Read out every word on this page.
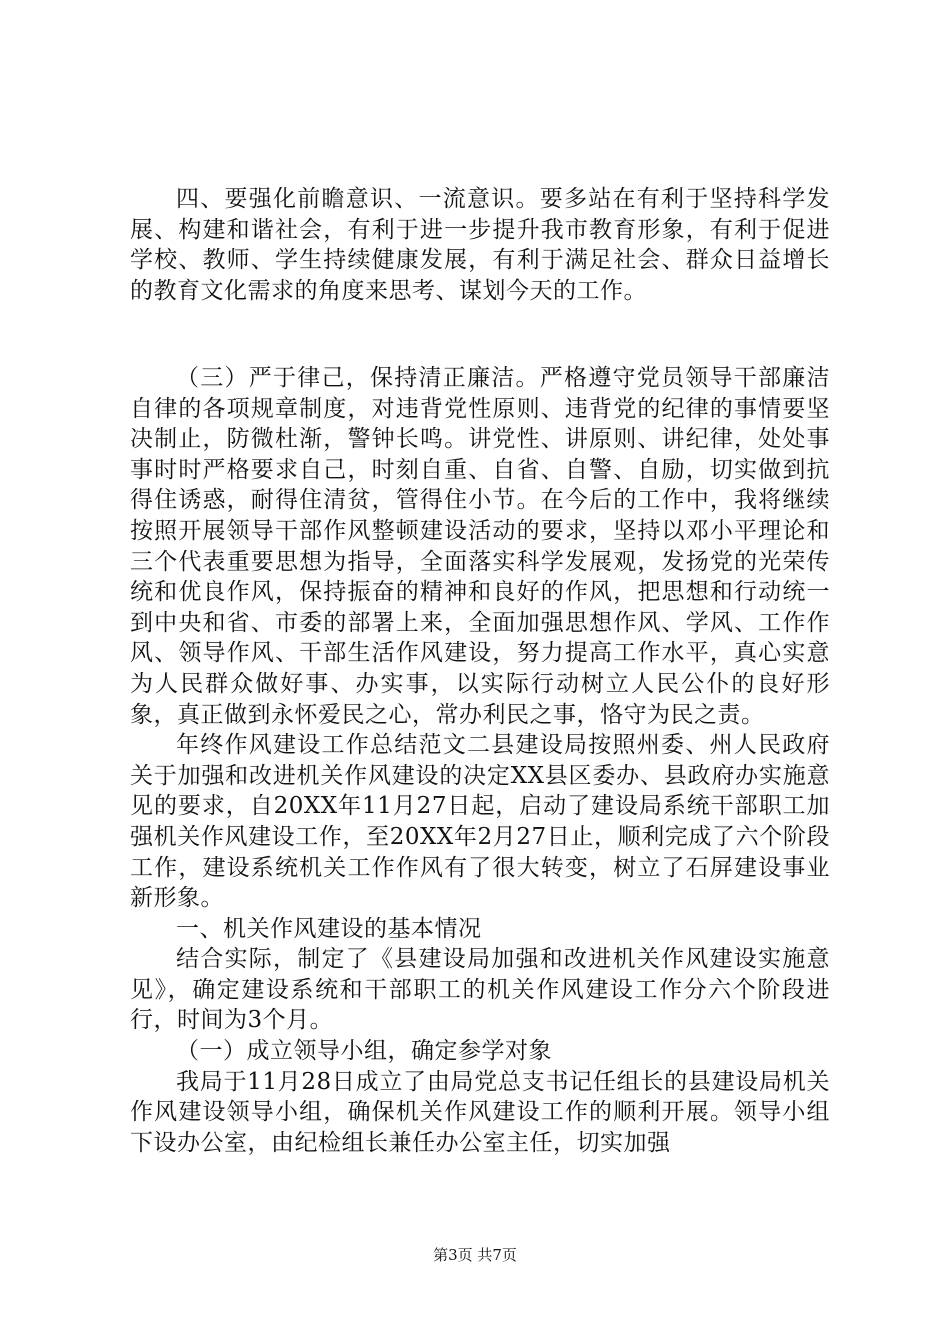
四、要强化前瞻意识、一流意识。要多站在有利于坚持科学发展、构建和谐社会，有利于进一步提升我市教育形象，有利于促进学校、教师、学生持续健康发展，有利于满足社会、群众日益增长的教育文化需求的角度来思考、谋划今天的工作。

（三）严于律己，保持清正廉洁。严格遵守党员领导干部廉洁自律的各项规章制度，对违背党性原则、违背党的纪律的事情要坚决制止，防微杜渐，警钟长鸣。讲党性、讲原则、讲纪律，处处事事时时严格要求自己，时刻自重、自省、自警、自励，切实做到抗得住诱惑，耐得住清贫，管得住小节。在今后的工作中，我将继续按照开展领导干部作风整顿建设活动的要求，坚持以邓小平理论和三个代表重要思想为指导，全面落实科学发展观，发扬党的光荣传统和优良作风，保持振奋的精神和良好的作风，把思想和行动统一到中央和省、市委的部署上来，全面加强思想作风、学风、工作作风、领导作风、干部生活作风建设，努力提高工作水平，真心实意为人民群众做好事、办实事，以实际行动树立人民公仆的良好形象，真正做到永怀爱民之心，常办利民之事，恪守为民之责。

年终作风建设工作总结范文二县建设局按照州委、州人民政府关于加强和改进机关作风建设的决定XX县区委办、县政府办实施意见的要求，自20XX年11月27日起，启动了建设局系统干部职工加强机关作风建设工作，至20XX年2月27日止，顺利完成了六个阶段工作，建设系统机关工作作风有了很大转变，树立了石屏建设事业新形象。

一、机关作风建设的基本情况

结合实际，制定了《县建设局加强和改进机关作风建设实施意见》，确定建设系统和干部职工的机关作风建设工作分六个阶段进行，时间为3个月。

（一）成立领导小组，确定参学对象

我局于11月28日成立了由局党总支书记任组长的县建设局机关作风建设领导小组，确保机关作风建设工作的顺利开展。领导小组下设办公室，由纪检组长兼任办公室主任，切实加强

第3页 共7页
